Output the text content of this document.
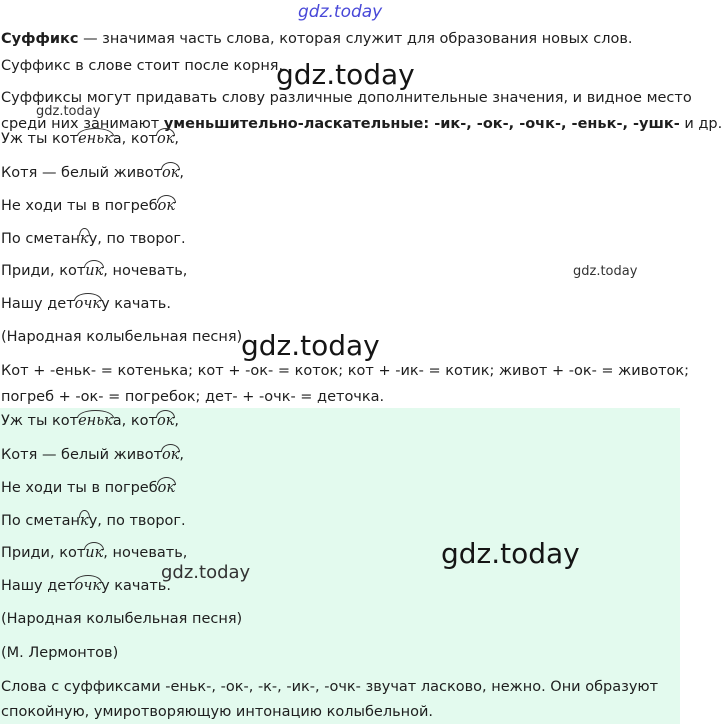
Суффикс — значимая часть слова, которая служит для образования новых слов.
Суффикс в слове стоит после корня.
Суффиксы могут придавать слову различные дополнительные значения, и видное место
среди них занимают уменьшительно-ласкательные: -ик-, -ок-, -очк-, -еньк-, -ушк- и др.
Уж ты котенька, коток,
Котя — белый животок,
Не ходи ты в погребок
По сметанку, по творог.
Приди, котик, ночевать,
Нашу деточку качать.
(Народная колыбельная песня)
Кот + -еньк- = котенька; кот + -ок- = коток; кот + -ик- = котик; живот + -ок- = животок;
погреб + -ок- = погребок; дет- + -очк- = деточка.
Уж ты котенька, коток,
Котя — белый животок,
Не ходи ты в погребок
По сметанку, по творог.
Приди, котик, ночевать,
Нашу деточку качать.
(Народная колыбельная песня)
(М. Лермонтов)
Слова с суффиксами -еньк-, -ок-, -к-, -ик-, -очк- звучат ласково, нежно. Они образуют
спокойную, умиротворяющую интонацию колыбельной.
gdz.today
gdz.today
gdz.today
gdz.today
gdz.today
gdz.today
gdz.today
